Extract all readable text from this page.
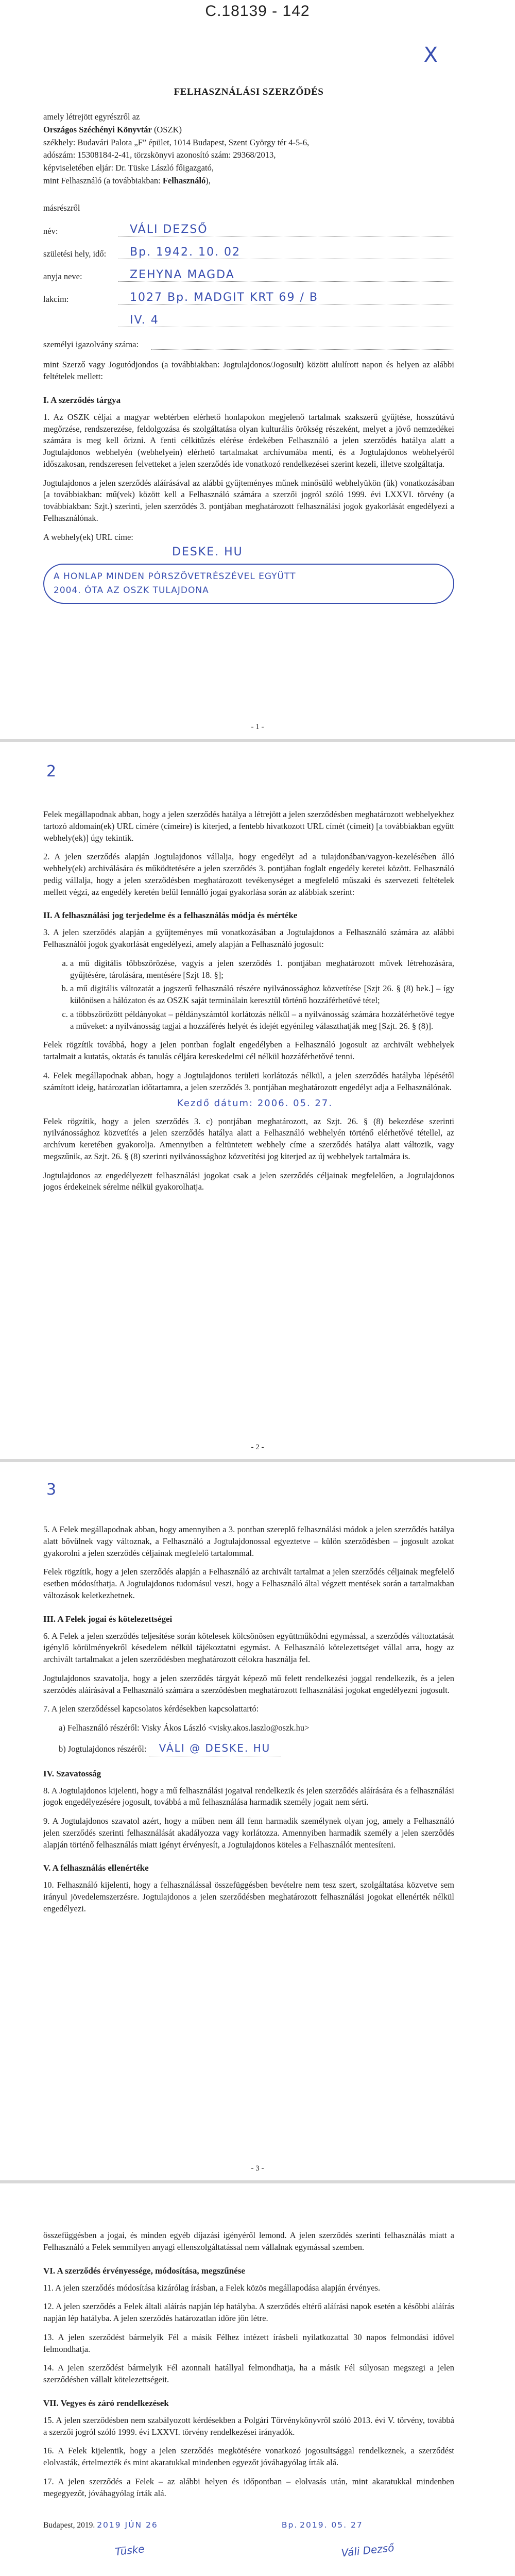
C.18139 - 142
X
FELHASZNÁLÁSI SZERZŐDÉS

amely létrejött egyrészről az

Országos Széchényi Könyvtár (OSZK)

székhely: Budavári Palota „F” épület, 1014 Budapest, Szent György tér 4-5-6,

adószám: 15308184-2-41, törzskönyvi azonosító szám: 29368/2013,

képviseletében eljár: Dr. Tüske László főigazgató,

mint Felhasználó (a továbbiakban: Felhasználó),

másrészről

név:	VÁLI DEZSŐ
születési hely, idő:	Bp. 1942. 10. 02
anyja neve:	ZEHYNA MAGDA
lakcím:	1027 Bp. MADGIT KRT 69 / B
IV. 4
személyi igazolvány száma:

mint Szerző vagy Jogutódjondos (a továbbiakban: Jogtulajdonos/Jogosult) között alulírott napon és helyen az alábbi feltételek mellett:

I. A szerződés tárgya

1. Az OSZK céljai a magyar webtérben elérhető honlapokon megjelenő tartalmak szakszerű gyűjtése, hosszútávú megőrzése, rendszerezése, feldolgozása és szolgáltatása olyan kulturális örökség részeként, melyet a jövő nemzedékei számára is meg kell őrizni. A fenti célkitűzés elérése érdekében Felhasználó a jelen szerződés hatálya alatt a Jogtulajdonos webhelyén (webhelyein) elérhető tartalmakat archívumába menti, és a Jogtulajdonos webhelyéről időszakosan, rendszeresen felvetteket a jelen szerződés ide vonatkozó rendelkezései szerint kezeli, illetve szolgáltatja.

Jogtulajdonos a jelen szerződés aláírásával az alábbi gyűjteményes műnek minősülő webhelyükön (ük) vonatkozásában [a továbbiakban: mű(vek) között kell a Felhasználó számára a szerzői jogról szóló 1999. évi LXXVI. törvény (a továbbiakban: Szjt.) szerinti, jelen szerződés 3. pontjában meghatározott felhasználási jogok gyakorlását engedélyezi a Felhasználónak.

A webhely(ek) URL címe:

DESKE. HU
A HONLAP MINDEN PÓRSZÖVETRÉSZÉVEL EGYÜTT
2004. ÓTA AZ OSZK TULAJDONA
- 1 -
2

Felek megállapodnak abban, hogy a jelen szerződés hatálya a létrejött a jelen szerződésben meghatározott webhelyekhez tartozó aldomain(ek) URL címére (címeire) is kiterjed, a fentebb hivatkozott URL címét (címeit) [a továbbiakban együtt webhely(ek)] úgy tekintik.

2. A jelen szerződés alapján Jogtulajdonos vállalja, hogy engedélyt ad a tulajdonában/vagyon-kezelésében álló webhely(ek) archiválására és működtetésére a jelen szerződés 3. pontjában foglalt engedély keretei között. Felhasználó pedig vállalja, hogy a jelen szerződésben meghatározott tevékenységet a megfelelő műszaki és szervezeti feltételek mellett végzi, az engedély keretén belül fennálló jogai gyakorlása során az alábbiak szerint:

II. A felhasználási jog terjedelme és a felhasználás módja és mértéke

3. A jelen szerződés alapján a gyűjteményes mű vonatkozásában a Jogtulajdonos a Felhasználó számára az alábbi Felhasználói jogok gyakorlását engedélyezi, amely alapján a Felhasználó jogosult:

a. a mű digitális többszörözése, vagyis a jelen szerződés 1. pontjában meghatározott művek létrehozására, gyűjtésére, tárolására, mentésére [Szjt 18. §];
b. a mű digitális változatát a jogszerű felhasználó részére nyilvánossághoz közvetítése [Szjt 26. § (8) bek.] – így különösen a hálózaton és az OSZK saját terminálain keresztül történő hozzáférhetővé tétel;
c. a többszörözött példányokat – példányszámtól korlátozás nélkül – a nyilvánosság számára hozzáférhetővé tegye a műveket: a nyilvánosság tagjai a hozzáférés helyét és idejét egyénileg választhatják meg [Szjt. 26. § (8)].

Felek rögzítik továbbá, hogy a jelen pontban foglalt engedélyben a Felhasználó jogosult az archivált webhelyek tartalmait a kutatás, oktatás és tanulás céljára kereskedelmi cél nélkül hozzáférhetővé tenni.

4. Felek megállapodnak abban, hogy a Jogtulajdonos területi korlátozás nélkül, a jelen szerződés hatályba lépésétől számított ideig, határozatlan időtartamra, a jelen szerződés 3. pontjában meghatározott engedélyt adja a Felhasználónak.

Kezdő dátum: 2006. 05. 27.

Felek rögzítik, hogy a jelen szerződés 3. c) pontjában meghatározott, az Szjt. 26. § (8) bekezdése szerinti nyilvánossághoz közvetítés a jelen szerződés hatálya alatt a Felhasználó webhelyén történő elérhetővé tétellel, az archívum keretében gyakorolja. Amennyiben a feltüntetett webhely címe a szerződés hatálya alatt változik, vagy megszűnik, az Szjt. 26. § (8) szerinti nyilvánossághoz közvetítési jog kiterjed az új webhelyek tartalmára is.

Jogtulajdonos az engedélyezett felhasználási jogokat csak a jelen szerződés céljainak megfelelően, a Jogtulajdonos jogos érdekeinek sérelme nélkül gyakorolhatja.

- 2 -
3

5. A Felek megállapodnak abban, hogy amennyiben a 3. pontban szereplő felhasználási módok a jelen szerződés hatálya alatt bővülnek vagy változnak, a Felhasználó a Jogtulajdonossal egyeztetve – külön szerződésben – jogosult azokat gyakorolni a jelen szerződés céljainak megfelelő tartalommal.

Felek rögzítik, hogy a jelen szerződés alapján a Felhasználó az archivált tartalmat a jelen szerződés céljainak megfelelő esetben módosíthatja. A Jogtulajdonos tudomásul veszi, hogy a Felhasználó által végzett mentések során a tartalmakban változások keletkezhetnek.

III. A Felek jogai és kötelezettségei

6. A Felek a jelen szerződés teljesítése során kötelesek kölcsönösen együttműködni egymással, a szerződés változtatását igénylő körülményekről késedelem nélkül tájékoztatni egymást. A Felhasználó kötelezettséget vállal arra, hogy az archivált tartalmakat a jelen szerződésben meghatározott célokra használja fel.

Jogtulajdonos szavatolja, hogy a jelen szerződés tárgyát képező mű felett rendelkezési joggal rendelkezik, és a jelen szerződés aláírásával a Felhasználó számára a szerződésben meghatározott felhasználási jogokat engedélyezni jogosult.

7. A jelen szerződéssel kapcsolatos kérdésekben kapcsolattartó:

a) Felhasználó részéről: Visky Ákos László <visky.akos.laszlo@oszk.hu>

b) Jogtulajdonos részéről: VÁLI @ DESKE. HU

IV. Szavatosság

8. A Jogtulajdonos kijelenti, hogy a mű felhasználási jogaival rendelkezik és jelen szerződés aláírására és a felhasználási jogok engedélyezésére jogosult, továbbá a mű felhasználása harmadik személy jogait nem sérti.

9. A Jogtulajdonos szavatol azért, hogy a műben nem áll fenn harmadik személynek olyan jog, amely a Felhasználó jelen szerződés szerinti felhasználását akadályozza vagy korlátozza. Amennyiben harmadik személy a jelen szerződés alapján történő felhasználás miatt igényt érvényesít, a Jogtulajdonos köteles a Felhasználót mentesíteni.

V. A felhasználás ellenértéke

10. Felhasználó kijelenti, hogy a felhasználással összefüggésben bevételre nem tesz szert, szolgáltatása közvetve sem irányul jövedelemszerzésre. Jogtulajdonos a jelen szerződésben meghatározott felhasználási jogokat ellenérték nélkül engedélyezi.

- 3 -

összefüggésben a jogai, és minden egyéb díjazási igényéről lemond. A jelen szerződés szerinti felhasználás miatt a Felhasználó a Felek semmilyen anyagi ellenszolgáltatással nem vállalnak egymással szemben.

VI. A szerződés érvényessége, módosítása, megszűnése

11. A jelen szerződés módosítása kizárólag írásban, a Felek közös megállapodása alapján érvényes.

12. A jelen szerződés a Felek általi aláírás napján lép hatályba. A szerződés eltérő aláírási napok esetén a későbbi aláírás napján lép hatályba. A jelen szerződés határozatlan időre jön létre.

13. A jelen szerződést bármelyik Fél a másik Félhez intézett írásbeli nyilatkozattal 30 napos felmondási idővel felmondhatja.

14. A jelen szerződést bármelyik Fél azonnali hatállyal felmondhatja, ha a másik Fél súlyosan megszegi a jelen szerződésben vállalt kötelezettségeit.

VII. Vegyes és záró rendelkezések

15. A jelen szerződésben nem szabályozott kérdésekben a Polgári Törvénykönyvről szóló 2013. évi V. törvény, továbbá a szerzői jogról szóló 1999. évi LXXVI. törvény rendelkezései irányadók.

16. A Felek kijelentik, hogy a jelen szerződés megkötésére vonatkozó jogosultsággal rendelkeznek, a szerződést elolvasták, értelmezték és mint akaratukkal mindenben egyezőt jóváhagyólag írták alá.

17. A jelen szerződés a Felek – az alábbi helyen és időpontban – elolvasás után, mint akaratukkal mindenben megegyezőt, jóváhagyólag írták alá.

Budapest, 2019. 2019 JÚN 26	Bp. 2019. 05. 27
Tüske	Váli Dezső
